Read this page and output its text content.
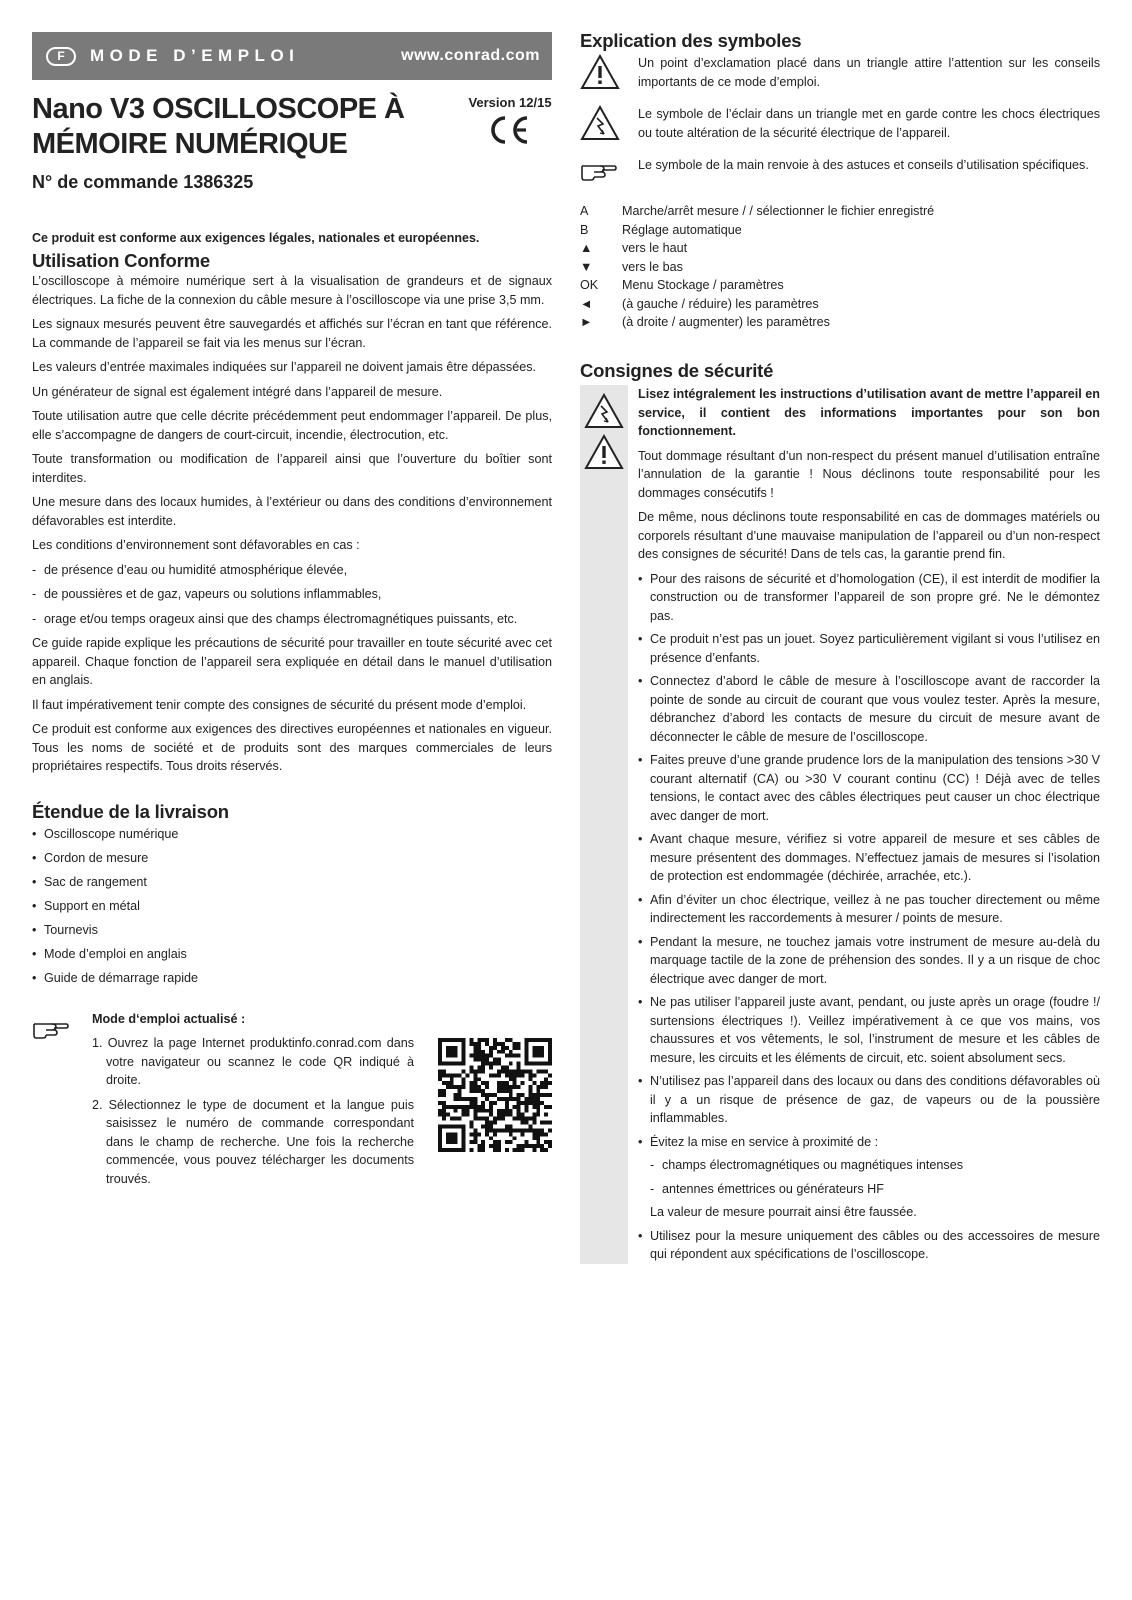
F	MODE D’EMPLOI	www.conrad.com
Nano V3 OSCILLOSCOPE À
MÉMOIRE NUMÉRIQUE
Version 12/15
N° de commande 1386325
Ce produit est conforme aux exigences légales, nationales et européennes.
Utilisation Conforme

L’oscilloscope à mémoire numérique sert à la visualisation de grandeurs et de signaux électriques. La fiche de la connexion du câble mesure à l’oscilloscope via une prise 3,5 mm.

Les signaux mesurés peuvent être sauvegardés et affichés sur l’écran en tant que référence. La commande de l’appareil se fait via les menus sur l’écran.

Les valeurs d’entrée maximales indiquées sur l’appareil ne doivent jamais être dépassées.

Un générateur de signal est également intégré dans l’appareil de mesure.

Toute utilisation autre que celle décrite précédemment peut endommager l’appareil. De plus, elle s’accompagne de dangers de court-circuit, incendie, électrocution, etc.

Toute transformation ou modification de l’appareil ainsi que l’ouverture du boîtier sont interdites.

Une mesure dans des locaux humides, à l’extérieur ou dans des conditions d’environnement défavorables est interdite.

Les conditions d’environnement sont défavorables en cas :

- de présence d’eau ou humidité atmosphérique élevée,
- de poussières et de gaz, vapeurs ou solutions inflammables,
- orage et/ou temps orageux ainsi que des champs électromagnétiques puissants, etc.

Ce guide rapide explique les précautions de sécurité pour travailler en toute sécurité avec cet appareil. Chaque fonction de l’appareil sera expliquée en détail dans le manuel d’utilisation en anglais.

Il faut impérativement tenir compte des consignes de sécurité du présent mode d’emploi.

Ce produit est conforme aux exigences des directives européennes et nationales en vigueur. Tous les noms de société et de produits sont des marques commerciales de leurs propriétaires respectifs. Tous droits réservés.

Étendue de la livraison
• Oscilloscope numérique
• Cordon de mesure
• Sac de rangement
• Support en métal
• Tournevis
• Mode d’emploi en anglais
• Guide de démarrage rapide
Mode d‘emploi actualisé :

1. Ouvrez la page Internet produktinfo.conrad.com dans votre navigateur ou scannez le code QR indiqué à droite.

2. Sélectionnez le type de document et la langue puis saisissez le numéro de commande correspondant dans le champ de recherche. Une fois la recherche commencée, vous pouvez télécharger les documents trouvés.

Explication des symboles
Un point d’exclamation placé dans un triangle attire l’attention sur les conseils importants de ce mode d’emploi.
Le symbole de l’éclair dans un triangle met en garde contre les chocs électriques ou toute altération de la sécurité électrique de l’appareil.
Le symbole de la main renvoie à des astuces et conseils d’utilisation spécifiques.
A	Marche/arrêt mesure / / sélectionner le fichier enregistré
B	Réglage automatique
▲	vers le haut
▼	vers le bas
OK	Menu Stockage / paramètres
◄	(à gauche / réduire) les paramètres
►	(à droite / augmenter) les paramètres
Consignes de sécurité

Lisez intégralement les instructions d’utilisation avant de mettre l’appareil en service, il contient des informations importantes pour son bon fonctionnement.

Tout dommage résultant d’un non-respect du présent manuel d’utilisation entraîne l’annulation de la garantie ! Nous déclinons toute responsabilité pour les dommages consécutifs !

De même, nous déclinons toute responsabilité en cas de dommages matériels ou corporels résultant d’une mauvaise manipulation de l’appareil ou d’un non-respect des consignes de sécurité! Dans de tels cas, la garantie prend fin.

• Pour des raisons de sécurité et d’homologation (CE), il est interdit de modifier la construction ou de transformer l’appareil de son propre gré. Ne le démontez pas.
• Ce produit n’est pas un jouet. Soyez particulièrement vigilant si vous l’utilisez en présence d’enfants.
• Connectez d’abord le câble de mesure à l’oscilloscope avant de raccorder la pointe de sonde au circuit de courant que vous voulez tester. Après la mesure, débranchez d’abord les contacts de mesure du circuit de mesure avant de déconnecter le câble de mesure de l’oscilloscope.
• Faites preuve d’une grande prudence lors de la manipulation des tensions >30 V courant alternatif (CA) ou >30 V courant continu (CC) ! Déjà avec de telles tensions, le contact avec des câbles électriques peut causer un choc électrique avec danger de mort.
• Avant chaque mesure, vérifiez si votre appareil de mesure et ses câbles de mesure présentent des dommages. N’effectuez jamais de mesures si l’isolation de protection est endommagée (déchirée, arrachée, etc.).
• Afin d’éviter un choc électrique, veillez à ne pas toucher directement ou même indirectement les raccordements à mesurer / points de mesure.
• Pendant la mesure, ne touchez jamais votre instrument de mesure au-delà du marquage tactile de la zone de préhension des sondes. Il y a un risque de choc électrique avec danger de mort.
• Ne pas utiliser l’appareil juste avant, pendant, ou juste après un orage (foudre !/ surtensions électriques !). Veillez impérativement à ce que vos mains, vos chaussures et vos vêtements, le sol, l’instrument de mesure et les câbles de mesure, les circuits et les éléments de circuit, etc. soient absolument secs.
• N’utilisez pas l’appareil dans des locaux ou dans des conditions défavorables où il y a un risque de présence de gaz, de vapeurs ou de la poussière inflammables.
• Évitez la mise en service à proximité de :
- champs électromagnétiques ou magnétiques intenses
- antennes émettrices ou générateurs HF
La valeur de mesure pourrait ainsi être faussée.
• Utilisez pour la mesure uniquement des câbles ou des accessoires de mesure qui répondent aux spécifications de l’oscilloscope.
